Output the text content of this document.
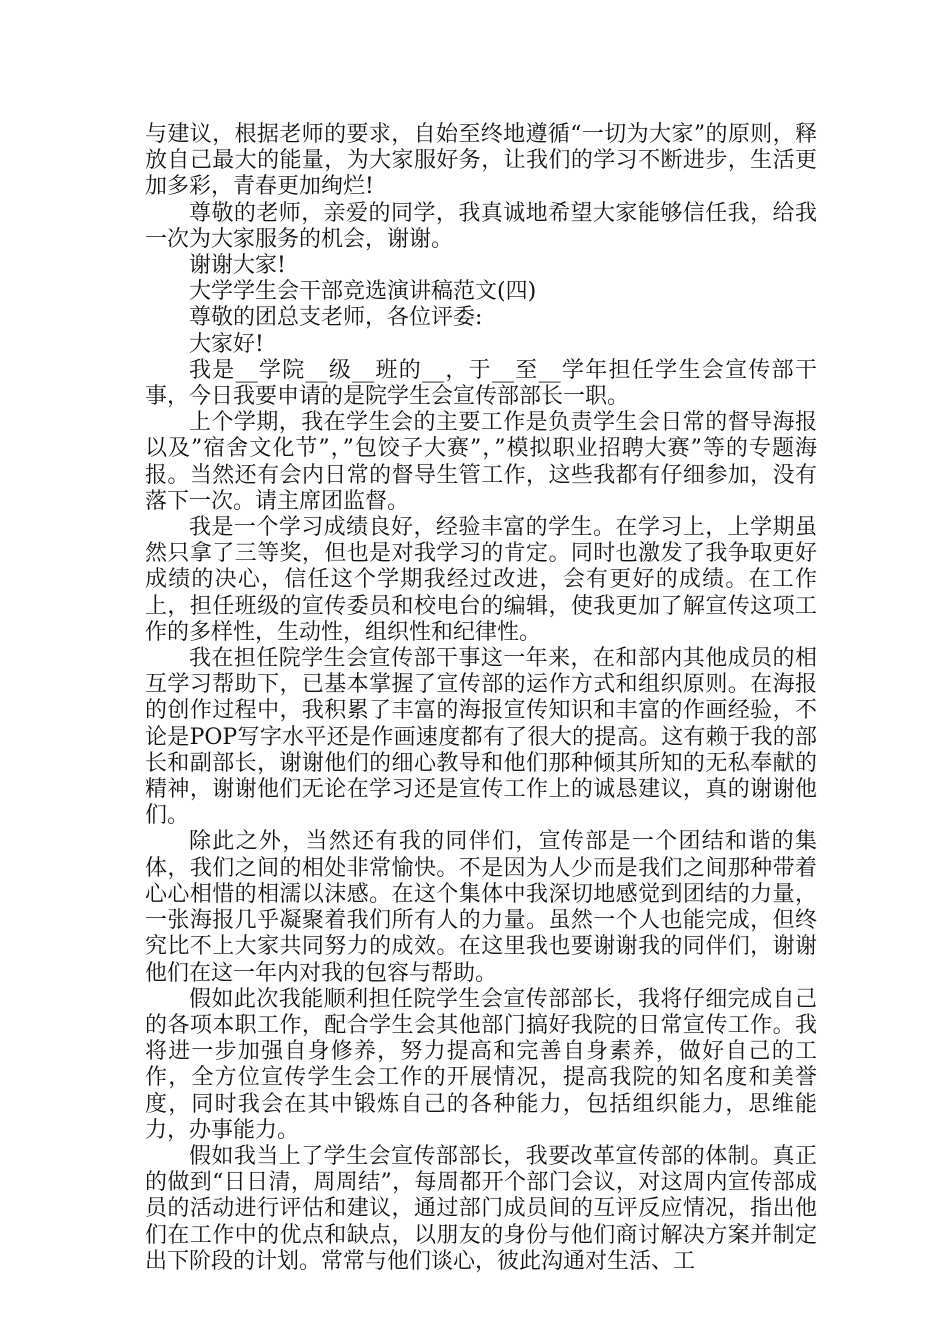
与建议，根据老师的要求，自始至终地遵循“一切为大家”的原则，释放自己最大的能量，为大家服好务，让我们的学习不断进步，生活更加多彩，青春更加绚烂!

尊敬的老师，亲爱的同学，我真诚地希望大家能够信任我，给我一次为大家服务的机会，谢谢。

谢谢大家!

大学学生会干部竞选演讲稿范文(四)

尊敬的团总支老师，各位评委:

大家好!

我是__学院__级__班的__，于__至__学年担任学生会宣传部干事，今日我要申请的是院学生会宣传部部长一职。

上个学期，我在学生会的主要工作是负责学生会日常的督导海报以及”宿舍文化节”，”包饺子大赛”，”模拟职业招聘大赛”等的专题海报。当然还有会内日常的督导生管工作，这些我都有仔细参加，没有落下一次。请主席团监督。

我是一个学习成绩良好，经验丰富的学生。在学习上，上学期虽然只拿了三等奖，但也是对我学习的肯定。同时也激发了我争取更好成绩的决心，信任这个学期我经过改进，会有更好的成绩。在工作上，担任班级的宣传委员和校电台的编辑，使我更加了解宣传这项工作的多样性，生动性，组织性和纪律性。

我在担任院学生会宣传部干事这一年来，在和部内其他成员的相互学习帮助下，已基本掌握了宣传部的运作方式和组织原则。在海报的创作过程中，我积累了丰富的海报宣传知识和丰富的作画经验，不论是POP写字水平还是作画速度都有了很大的提高。这有赖于我的部长和副部长，谢谢他们的细心教导和他们那种倾其所知的无私奉献的精神，谢谢他们无论在学习还是宣传工作上的诚恳建议，真的谢谢他们。

除此之外，当然还有我的同伴们，宣传部是一个团结和谐的集体，我们之间的相处非常愉快。不是因为人少而是我们之间那种带着心心相惜的相濡以沫感。在这个集体中我深切地感觉到团结的力量，一张海报几乎凝聚着我们所有人的力量。虽然一个人也能完成，但终究比不上大家共同努力的成效。在这里我也要谢谢我的同伴们，谢谢他们在这一年内对我的包容与帮助。

假如此次我能顺利担任院学生会宣传部部长，我将仔细完成自己的各项本职工作，配合学生会其他部门搞好我院的日常宣传工作。我将进一步加强自身修养，努力提高和完善自身素养，做好自己的工作，全方位宣传学生会工作的开展情况，提高我院的知名度和美誉度，同时我会在其中锻炼自己的各种能力，包括组织能力，思维能力，办事能力。

假如我当上了学生会宣传部部长，我要改革宣传部的体制。真正的做到“日日清，周周结”，每周都开个部门会议，对这周内宣传部成员的活动进行评估和建议，通过部门成员间的互评反应情况，指出他们在工作中的优点和缺点，以朋友的身份与他们商讨解决方案并制定出下阶段的计划。常常与他们谈心，彼此沟通对生活、工
